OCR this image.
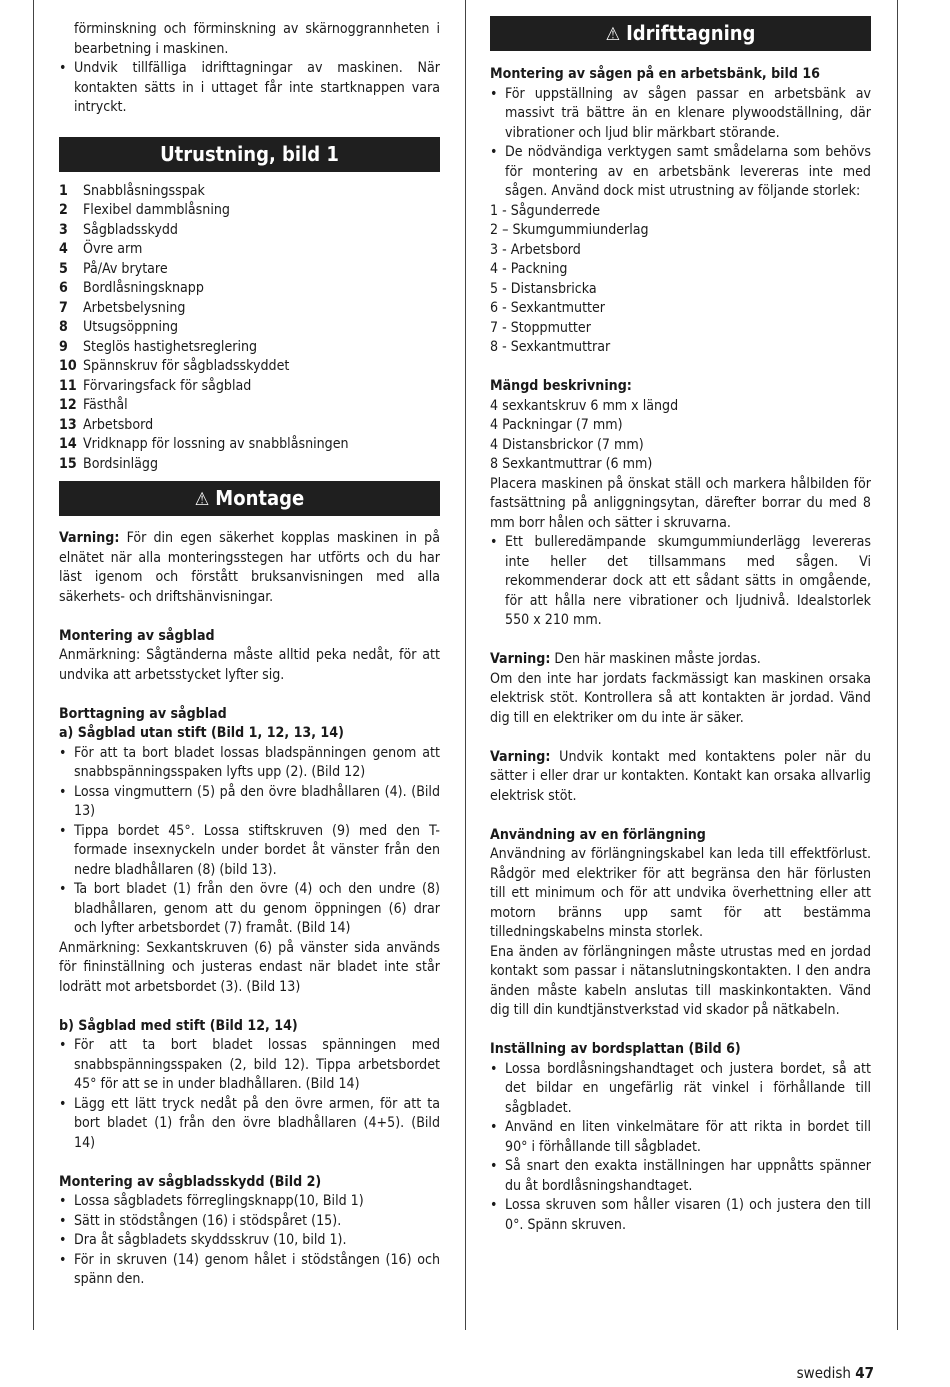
förminskning och förminskning av skärnoggrannheten i bearbetning i maskinen.
• Undvik tillfälliga idrifttagningar av maskinen. När kontakten sätts in i uttaget får inte startknappen vara intryckt.
Utrustning, bild 1
1	Snabblåsningsspak
2	Flexibel dammblåsning
3	Sågbladsskydd
4	Övre arm
5	På/Av brytare
6	Bordlåsningsknapp
7	Arbetsbelysning
8	Utsugsöppning
9	Steglös hastighetsreglering
10 Spännskruv för sågbladsskyddet
11 Förvaringsfack för sågblad
12 Fästhål
13 Arbetsbord
14 Vridknapp för lossning av snabblåsningen
15 Bordsinlägg
⚠ Montage

Varning: För din egen säkerhet kopplas maskinen in på elnätet när alla monteringsstegen har utförts och du har läst igenom och förstått bruksanvisningen med alla säkerhets- och driftshänvisningar.

Montering av sågblad

Anmärkning: Sågtänderna måste alltid peka nedåt, för att undvika att arbetsstycket lyfter sig.

Borttagning av sågblad

a) Sågblad utan stift (Bild 1, 12, 13, 14)

• För att ta bort bladet lossas bladspänningen genom att snabbspänningsspaken lyfts upp (2). (Bild 12)
• Lossa vingmuttern (5) på den övre bladhållaren (4). (Bild 13)
• Tippa bordet 45°. Lossa stiftskruven (9) med den T-formade insexnyckeln under bordet åt vänster från den nedre bladhållaren (8) (bild 13).
• Ta bort bladet (1) från den övre (4) och den undre (8) bladhållaren, genom att du genom öppningen (6) drar och lyfter arbetsbordet (7) framåt. (Bild 14)

Anmärkning: Sexkantskruven (6) på vänster sida används för fininställning och justeras endast när bladet inte står lodrätt mot arbetsbordet (3). (Bild 13)

b) Sågblad med stift (Bild 12, 14)

• För att ta bort bladet lossas spänningen med snabbspänningsspaken (2, bild 12). Tippa arbetsbordet 45° för att se in under bladhållaren. (Bild 14)
• Lägg ett lätt tryck nedåt på den övre armen, för att ta bort bladet (1) från den övre bladhållaren (4+5). (Bild 14)

Montering av sågbladsskydd (Bild 2)

• Lossa sågbladets förreglingsknapp(10, Bild 1)
• Sätt in stödstången (16) i stödspåret (15).
• Dra åt sågbladets skyddsskruv (10, bild 1).
• För in skruven (14) genom hålet i stödstången (16) och spänn den.
⚠ Idrifttagning

Montering av sågen på en arbetsbänk, bild 16

• För uppställning av sågen passar en arbetsbänk av massivt trä bättre än en klenare plywoodställning, där vibrationer och ljud blir märkbart störande.
• De nödvändiga verktygen samt smådelarna som behövs för montering av en arbetsbänk levereras inte med sågen. Använd dock mist utrustning av följande storlek:
1 - Sågunderrede
2 – Skumgummiunderlag
3 - Arbetsbord
4 - Packning
5 - Distansbricka
6 - Sexkantmutter
7 - Stoppmutter
8 - Sexkantmuttrar

Mängd beskrivning:

4 sexkantskruv 6 mm x längd
4 Packningar (7 mm)
4 Distansbrickor (7 mm)
8 Sexkantmuttrar (6 mm)

Placera maskinen på önskat ställ och markera hålbilden för fastsättning på anliggningsytan, därefter borrar du med 8 mm borr hålen och sätter i skruvarna.

• Ett bulleredämpande skumgummiunderlägg levereras inte heller det tillsammans med sågen. Vi rekommenderar dock att ett sådant sätts in omgående, för att hålla nere vibrationer och ljudnivå. Idealstorlek 550 x 210 mm.

Varning: Den här maskinen måste jordas.

Om den inte har jordats fackmässigt kan maskinen orsaka elektrisk stöt. Kontrollera så att kontakten är jordad. Vänd dig till en elektriker om du inte är säker.

Varning: Undvik kontakt med kontaktens poler när du sätter i eller drar ur kontakten. Kontakt kan orsaka allvarlig elektrisk stöt.

Användning av en förlängning

Användning av förlängningskabel kan leda till effektförlust. Rådgör med elektriker för att begränsa den här förlusten till ett minimum och för att undvika överhettning eller att motorn bränns upp samt för att bestämma tilledningskabelns minsta storlek.

Ena änden av förlängningen måste utrustas med en jordad kontakt som passar i nätanslutningskontakten. I den andra änden måste kabeln anslutas till maskinkontakten. Vänd dig till din kundtjänstverkstad vid skador på nätkabeln.

Inställning av bordsplattan (Bild 6)

• Lossa bordlåsningshandtaget och justera bordet, så att det bildar en ungefärlig rät vinkel i förhållande till sågbladet.
• Använd en liten vinkelmätare för att rikta in bordet till 90° i förhållande till sågbladet.
• Så snart den exakta inställningen har uppnåtts spänner du åt bordlåsningshandtaget.
• Lossa skruven som håller visaren (1) och justera den till 0°. Spänn skruven.
swedish 47
